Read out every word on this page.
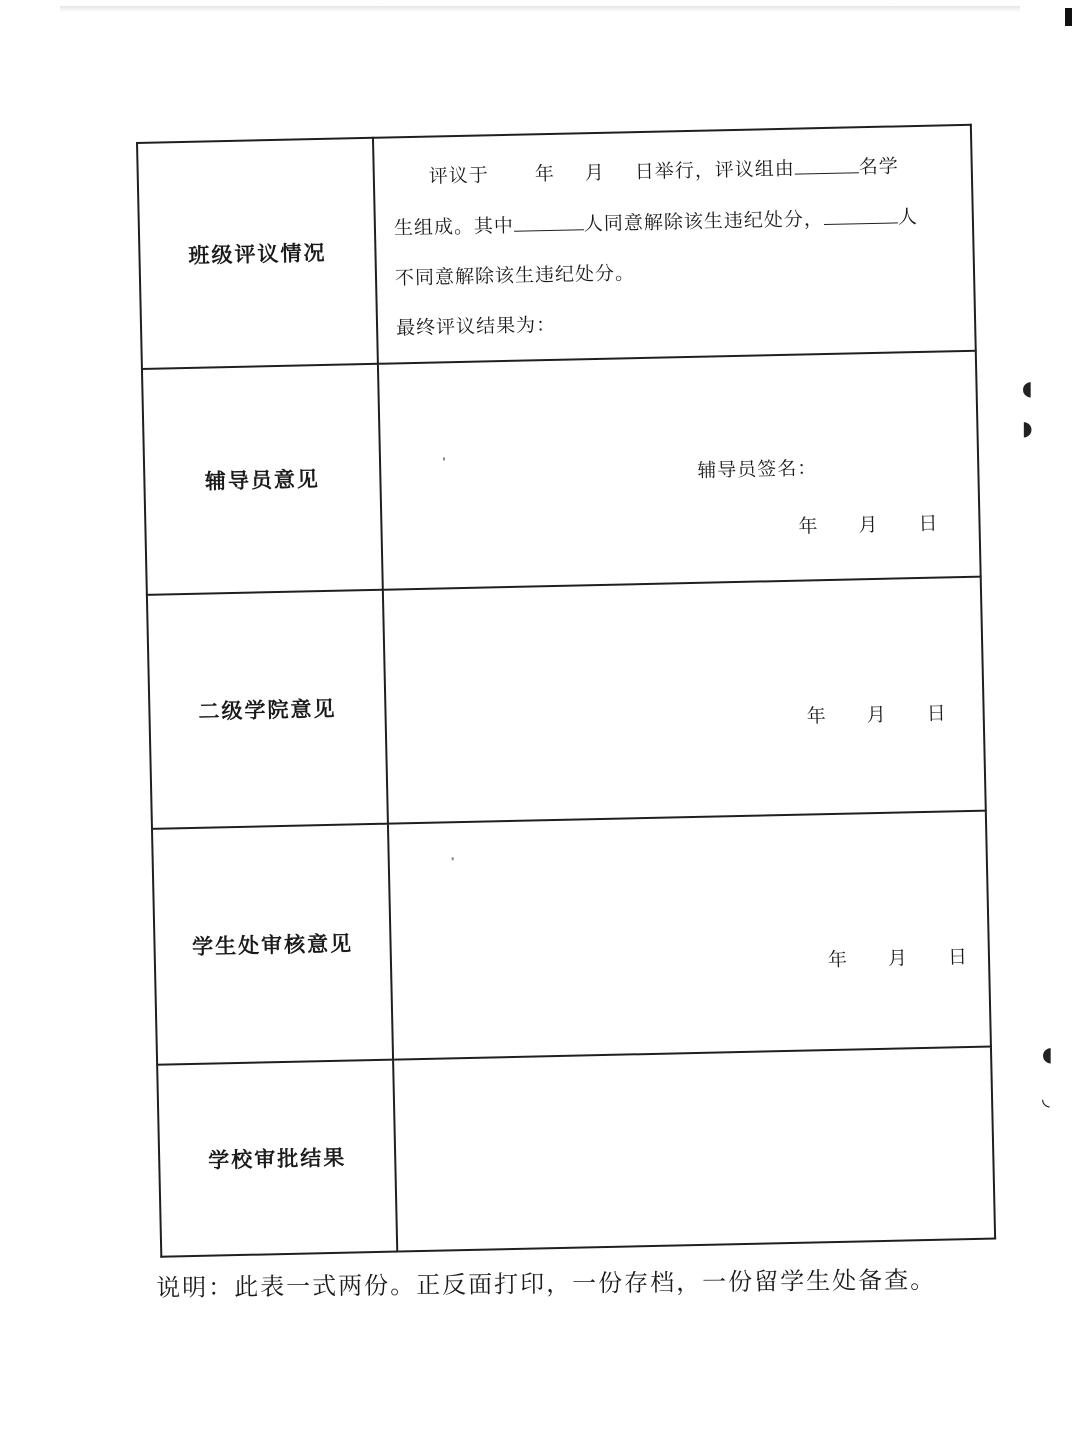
◖
◗
◖
◟
班级评议情况	评议于 年 月 日举行，评议组由 名学
生组成。其中 人同意解除该生违纪处分， 人
不同意解除该生违纪处分。
最终评议结果为：

辅导员意见	辅导员签名：
年 月 日

二级学院意见	年 月 日

学生处审核意见	年 月 日

学校审批结果	
说明：此表一式两份。正反面打印，一份存档，一份留学生处备查。
